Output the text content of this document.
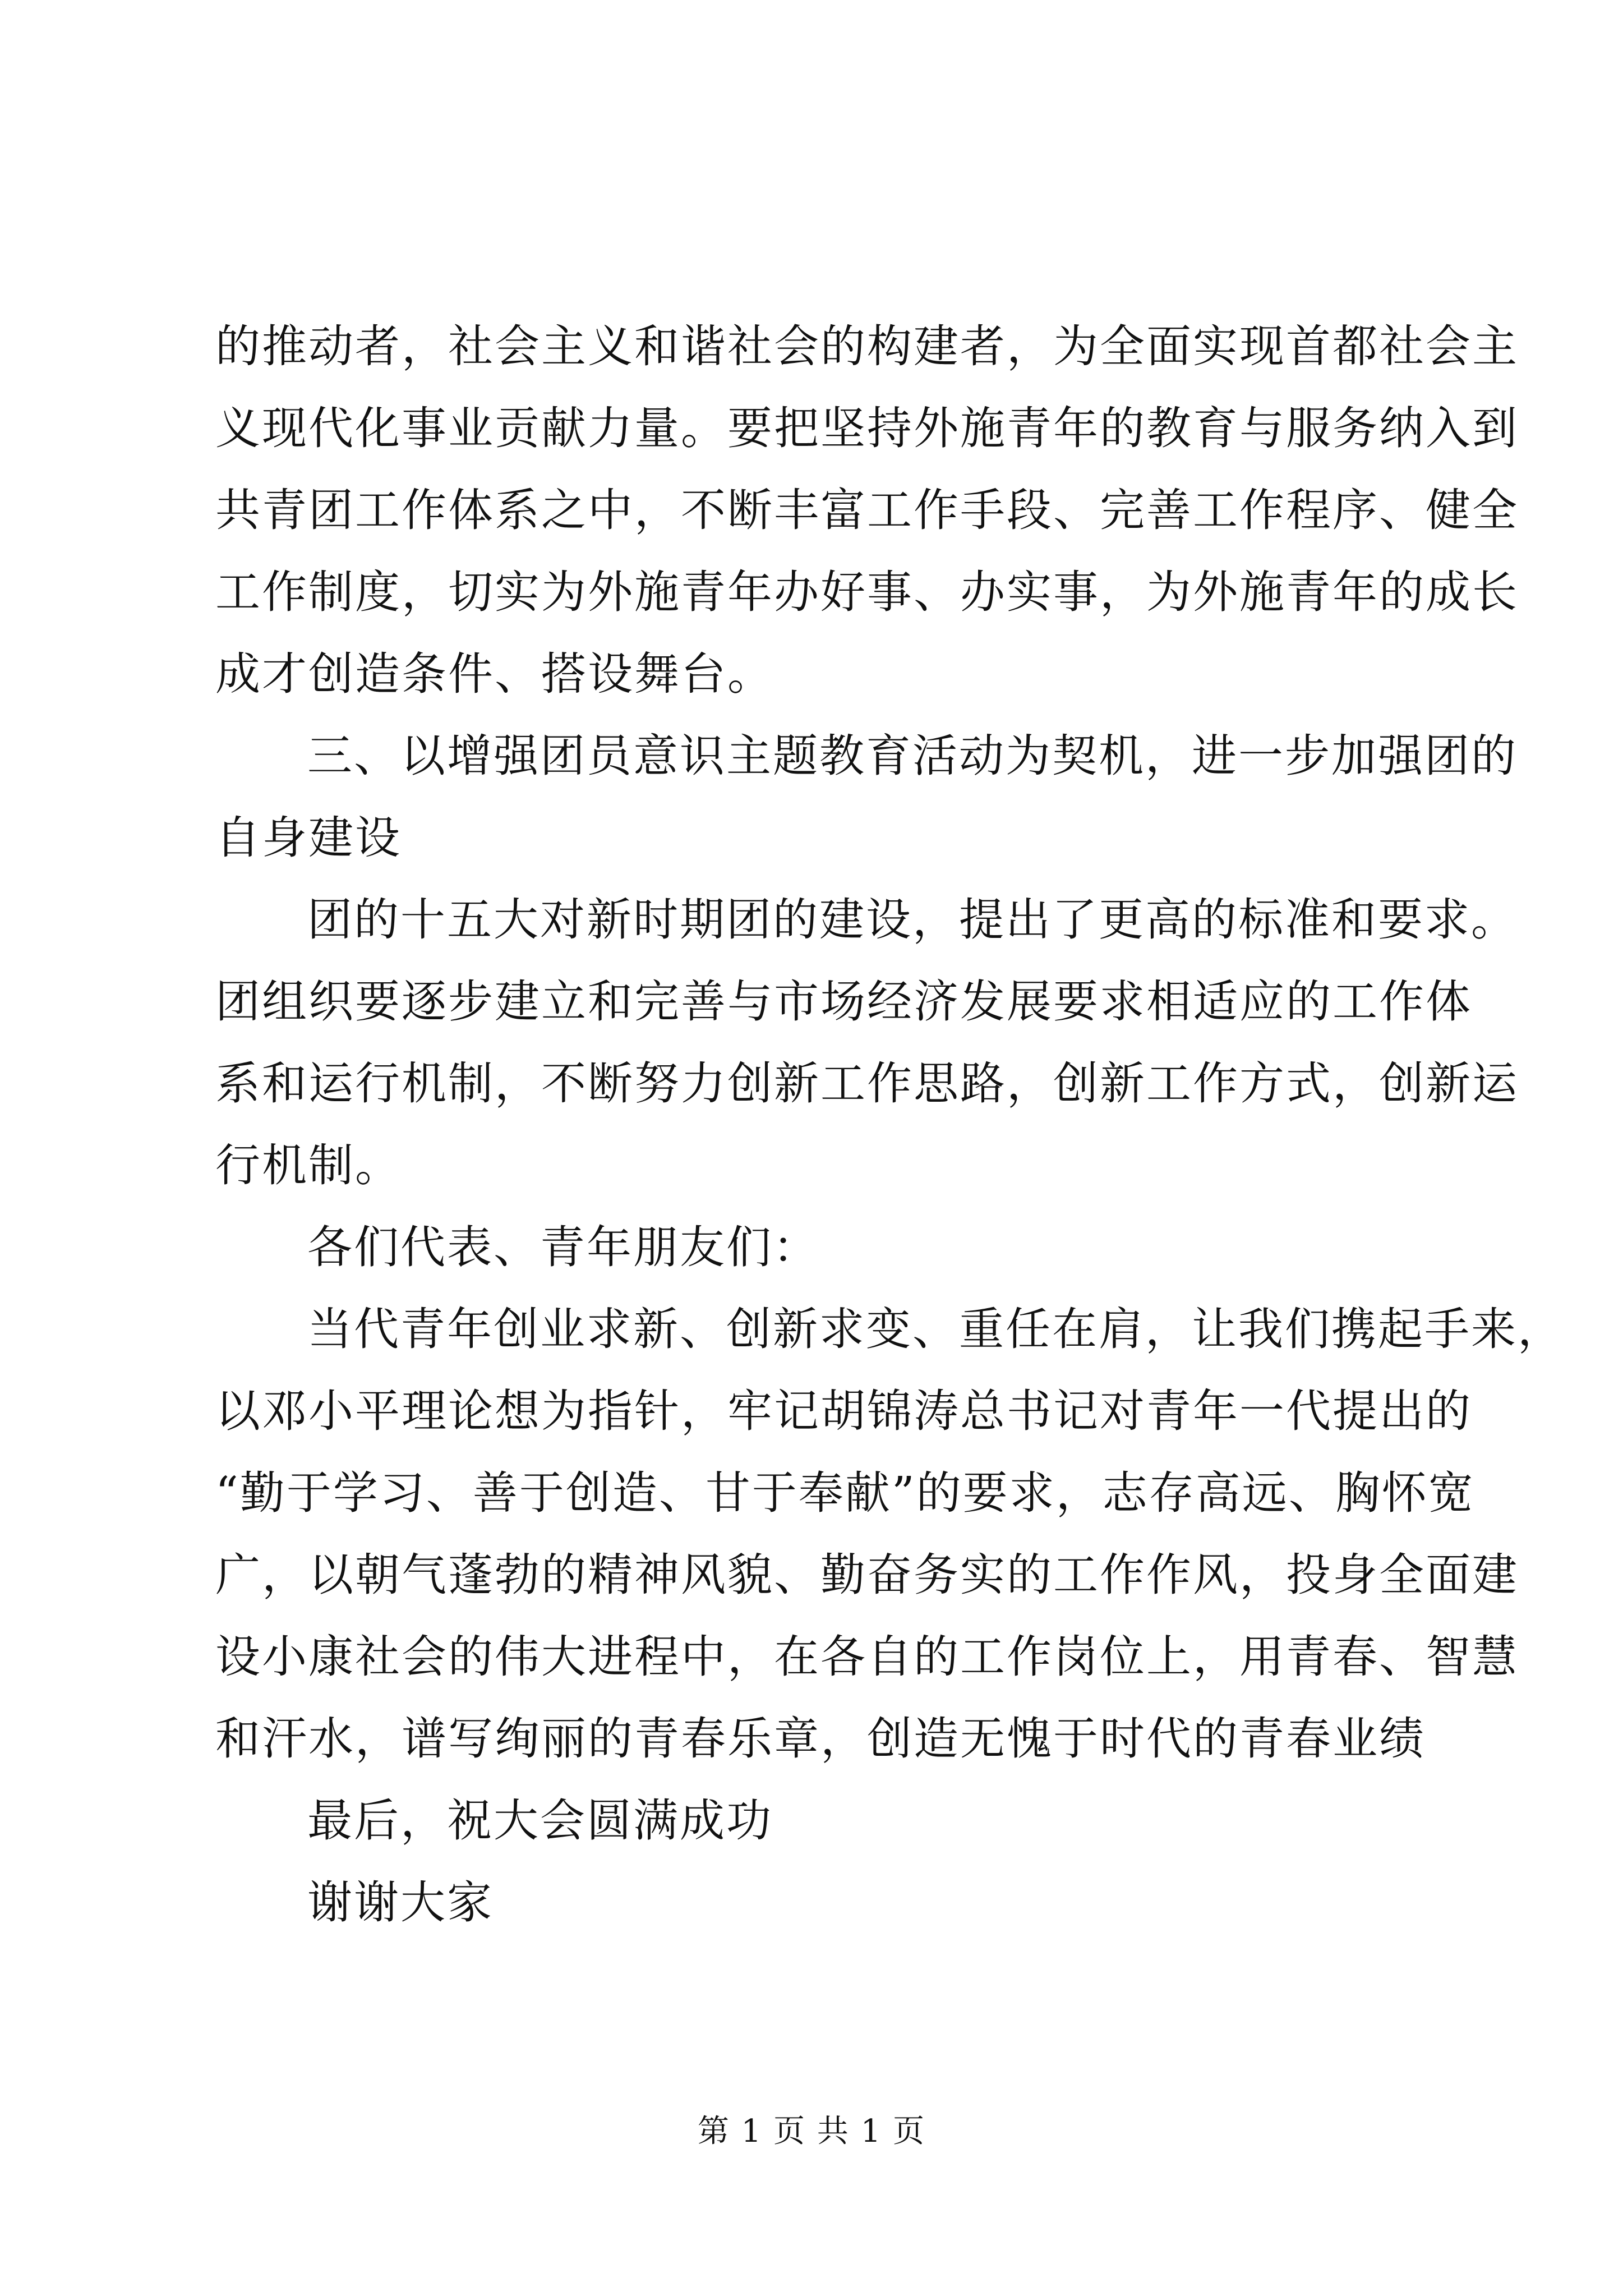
的推动者，社会主义和谐社会的构建者，为全面实现首都社会主
义现代化事业贡献力量。要把坚持外施青年的教育与服务纳入到
共青团工作体系之中，不断丰富工作手段、完善工作程序、健全
工作制度，切实为外施青年办好事、办实事，为外施青年的成长
成才创造条件、搭设舞台。
三、以增强团员意识主题教育活动为契机，进一步加强团的
自身建设
团的十五大对新时期团的建设，提出了更高的标准和要求。
团组织要逐步建立和完善与市场经济发展要求相适应的工作体
系和运行机制，不断努力创新工作思路，创新工作方式，创新运
行机制。
各们代表、青年朋友们：
当代青年创业求新、创新求变、重任在肩，让我们携起手来，
以邓小平理论想为指针，牢记胡锦涛总书记对青年一代提出的
“勤于学习、善于创造、甘于奉献”的要求，志存高远、胸怀宽
广，以朝气蓬勃的精神风貌、勤奋务实的工作作风，投身全面建
设小康社会的伟大进程中，在各自的工作岗位上，用青春、智慧
和汗水，谱写绚丽的青春乐章，创造无愧于时代的青春业绩
最后，祝大会圆满成功
谢谢大家
第 1 页 共 1 页
